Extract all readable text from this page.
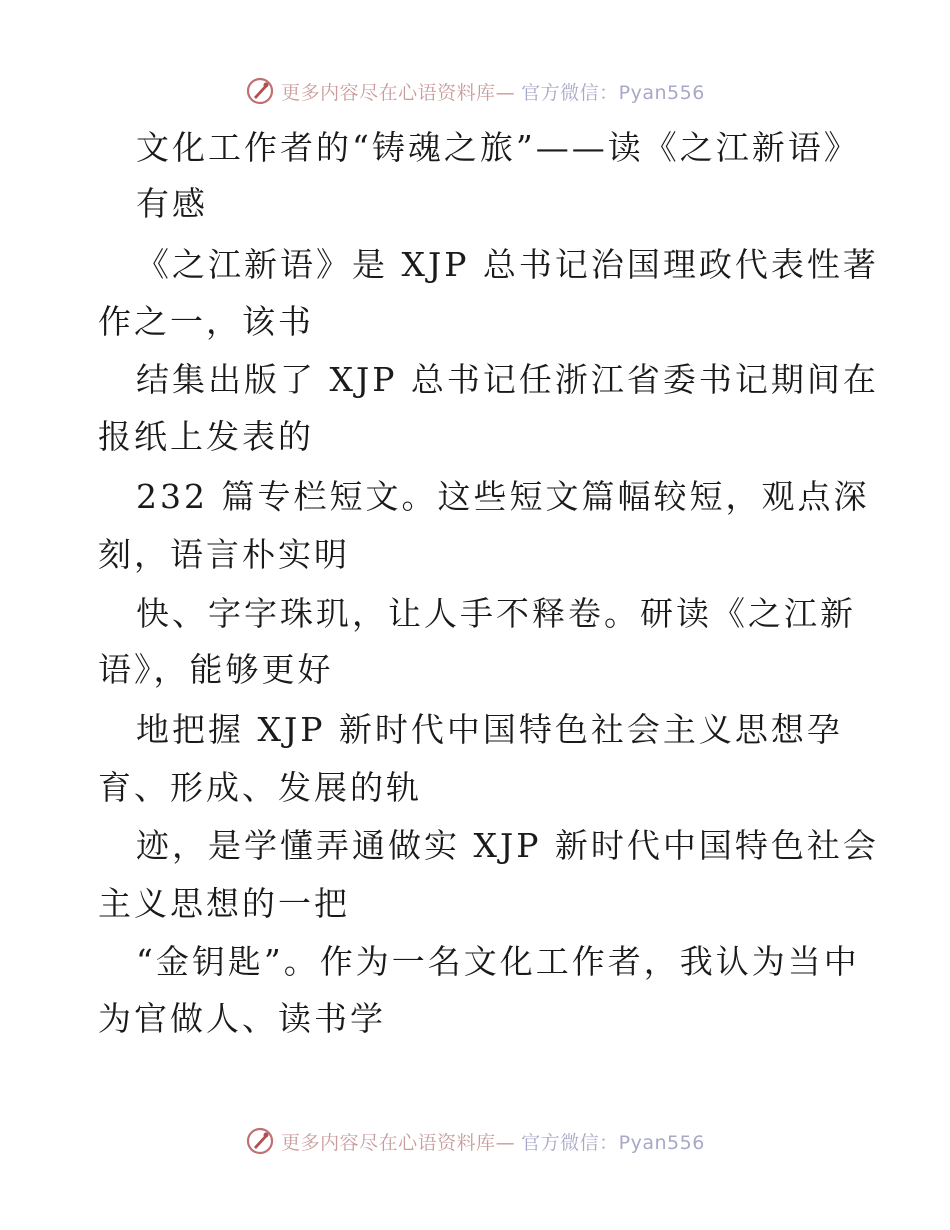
更多内容尽在心语资料库— 官方微信：Pyan556

文化工作者的“铸魂之旅”——读《之江新语》

有感

《之江新语》是 XJP 总书记治国理政代表性著

作之一，该书

结集出版了 XJP 总书记任浙江省委书记期间在

报纸上发表的

232 篇专栏短文。这些短文篇幅较短，观点深

刻，语言朴实明

快、字字珠玑，让人手不释卷。研读《之江新

语》，能够更好

地把握 XJP 新时代中国特色社会主义思想孕

育、形成、发展的轨

迹，是学懂弄通做实 XJP 新时代中国特色社会

主义思想的一把

“金钥匙”。作为一名文化工作者，我认为当中

为官做人、读书学

更多内容尽在心语资料库— 官方微信：Pyan556
